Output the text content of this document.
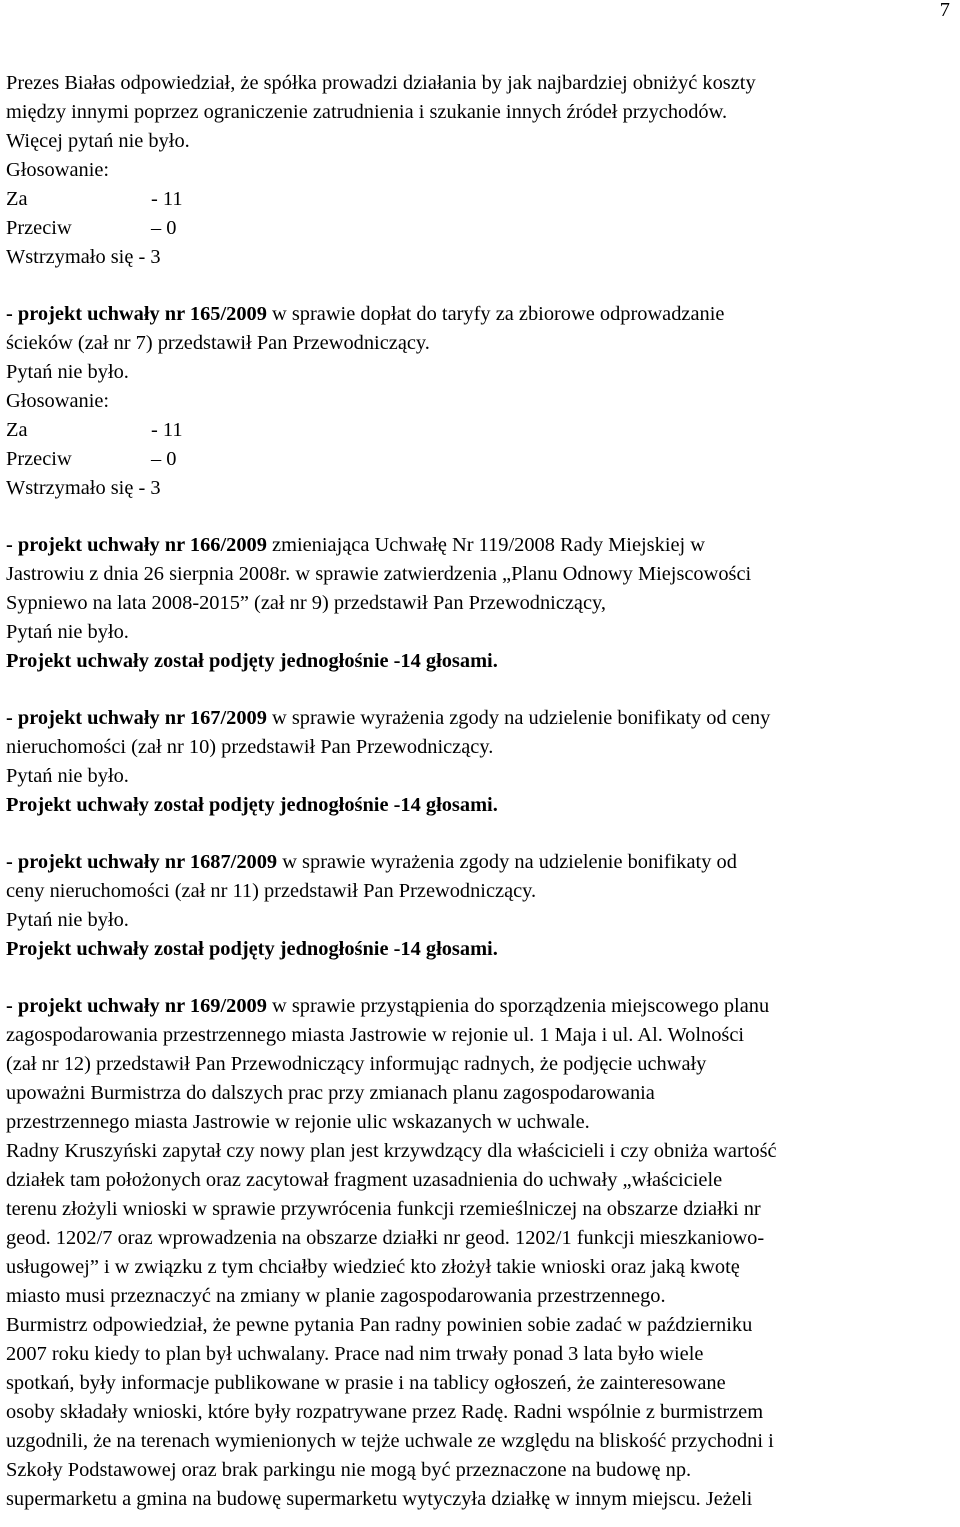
7
Prezes Białas odpowiedział, że spółka prowadzi działania by jak najbardziej obniżyć koszty
między innymi poprzez ograniczenie zatrudnienia i szukanie innych źródeł przychodów.
Więcej pytań nie było.
Głosowanie:
Za	- 11
Przeciw	– 0
Wstrzymało się - 3
- projekt uchwały nr 165/2009 w sprawie dopłat do taryfy za zbiorowe odprowadzanie
ścieków (zał nr 7) przedstawił Pan Przewodniczący.
Pytań nie było.
Głosowanie:
Za	- 11
Przeciw	– 0
Wstrzymało się - 3
- projekt uchwały nr 166/2009 zmieniająca Uchwałę Nr 119/2008 Rady Miejskiej w
Jastrowiu z dnia 26 sierpnia 2008r. w sprawie zatwierdzenia „Planu Odnowy Miejscowości
Sypniewo na lata 2008-2015” (zał nr 9) przedstawił Pan Przewodniczący,
Pytań nie było.
Projekt uchwały został podjęty jednogłośnie -14 głosami.
- projekt uchwały nr 167/2009 w sprawie wyrażenia zgody na udzielenie bonifikaty od ceny
nieruchomości (zał nr 10) przedstawił Pan Przewodniczący.
Pytań nie było.
Projekt uchwały został podjęty jednogłośnie -14 głosami.
- projekt uchwały nr 1687/2009 w sprawie wyrażenia zgody na udzielenie bonifikaty od
ceny nieruchomości (zał nr 11) przedstawił Pan Przewodniczący.
Pytań nie było.
Projekt uchwały został podjęty jednogłośnie -14 głosami.
- projekt uchwały nr 169/2009 w sprawie przystąpienia do sporządzenia miejscowego planu
zagospodarowania przestrzennego miasta Jastrowie w rejonie ul. 1 Maja i ul. Al. Wolności
(zał nr 12) przedstawił Pan Przewodniczący informując radnych, że podjęcie uchwały
upoważni Burmistrza do dalszych prac przy zmianach planu zagospodarowania
przestrzennego miasta Jastrowie w rejonie ulic wskazanych w uchwale.
Radny Kruszyński zapytał czy nowy plan jest krzywdzący dla właścicieli i czy obniża wartość
działek tam położonych oraz zacytował fragment uzasadnienia do uchwały „właściciele
terenu złożyli wnioski w sprawie przywrócenia funkcji rzemieślniczej na obszarze działki nr
geod. 1202/7 oraz wprowadzenia na obszarze działki nr geod. 1202/1 funkcji mieszkaniowo-
usługowej” i w związku z tym chciałby wiedzieć kto złożył takie wnioski oraz jaką kwotę
miasto musi przeznaczyć na zmiany w planie zagospodarowania przestrzennego.
Burmistrz odpowiedział, że pewne pytania Pan radny powinien sobie zadać w październiku
2007 roku kiedy to plan był uchwalany. Prace nad nim trwały ponad 3 lata było wiele
spotkań, były informacje publikowane w prasie i na tablicy ogłoszeń, że zainteresowane
osoby składały wnioski, które były rozpatrywane przez Radę. Radni wspólnie z burmistrzem
uzgodnili, że na terenach wymienionych w tejże uchwale ze względu na bliskość przychodni i
Szkoły Podstawowej oraz brak parkingu nie mogą być przeznaczone na budowę np.
supermarketu a gmina na budowę supermarketu wytyczyła działkę w innym miejscu. Jeżeli
